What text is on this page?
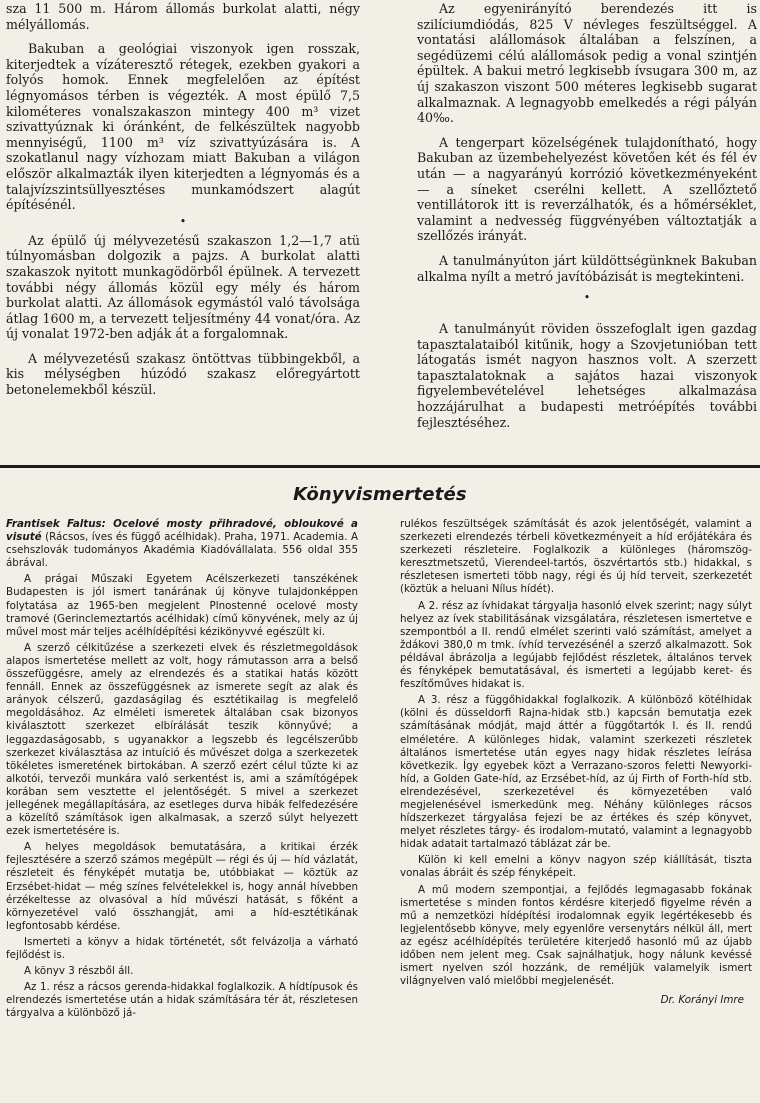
sza 11 500 m. Három állomás burkolat alatti, négy mélyállomás.

Bakuban a geológiai viszonyok igen rosszak, kiterjedtek a vízáteresztő rétegek, ezekben gyakori a folyós homok. Ennek megfelelően az építést légnyomásos térben is végezték. A most épülő 7,5 kilométeres vonalszakaszon mintegy 400 m³ vizet szivattyúznak ki óránként, de felkészültek nagyobb mennyiségű, 1100 m³ víz szivattyúzására is. A szokatlanul nagy vízhozam miatt Bakuban a világon először alkalmazták ilyen kiterjedten a légnyomás és a talajvízszintsüllyesztéses munkamódszert alagút építésénél.

•

Az épülő új mélyvezetésű szakaszon 1,2—1,7 atü túlnyomásban dolgozik a pajzs. A burkolat alatti szakaszok nyitott munkagödörből épülnek. A tervezett további négy állomás közül egy mély és három burkolat alatti. Az állomások egymástól való távolsága átlag 1600 m, a tervezett teljesítmény 44 vonat/óra. Az új vonalat 1972-ben adják át a forgalomnak.

A mélyvezetésű szakasz öntöttvas tübbingekből, a kis mélységben húzódó szakasz előregyártott betonelemekből készül.

Az egyenirányító berendezés itt is szilíciumdiódás, 825 V névleges feszültséggel. A vontatási alállomások általában a felszínen, a segédüzemi célú alállomások pedig a vonal szintjén épültek. A bakui metró legkisebb ívsugara 300 m, az új szakaszon viszont 500 méteres legkisebb sugarat alkalmaznak. A legnagyobb emelkedés a régi pályán 40‰.

A tengerpart közelségének tulajdonítható, hogy Bakuban az üzembehelyezést követően két és fél év után — a nagyarányú korrózió következményeként — a síneket cserélni kellett. A szellőztető ventillátorok itt is reverzálhatók, és a hőmérséklet, valamint a nedvesség függvényében változtatják a szellőzés irányát.

A tanulmányúton járt küldöttségünknek Bakuban alkalma nyílt a metró javítóbázisát is megtekinteni.

•

A tanulmányút röviden összefoglalt igen gazdag tapasztalataiból kitűnik, hogy a Szovjetunióban tett látogatás ismét nagyon hasznos volt. A szerzett tapasztalatoknak a sajátos hazai viszonyok figyelembevételével lehetséges alkalmazása hozzájárulhat a budapesti metróépítés további fejlesztéséhez.

Könyvismertetés

Frantisek Faltus: Ocelové mosty přihradové, obloukové a visuté (Rácsos, íves és függő acélhidak). Praha, 1971. Academia. A csehszlovák tudományos Akadémia Kiadóvállalata. 556 oldal 355 ábrával.

A prágai Műszaki Egyetem Acélszerkezeti tanszékének Budapesten is jól ismert tanárának új könyve tulajdonképpen folytatása az 1965-ben megjelent Plnostenné ocelové mosty tramové (Gerinclemeztartós acélhidak) című könyvének, mely az új művel most már teljes acélhídépítési kézikönyvvé egészült ki.

A szerző célkitűzése a szerkezeti elvek és részletmegoldások alapos ismertetése mellett az volt, hogy rámutasson arra a belső összefüggésre, amely az elrendezés és a statikai hatás között fennáll. Ennek az összefüggésnek az ismerete segít az alak és arányok célszerű, gazdaságilag és esztétikailag is megfelelő megoldásához. Az elméleti ismeretek általában csak bizonyos kiválasztott szerkezet elbírálását teszik könnyűvé; a leggazdaságosabb, s ugyanakkor a legszebb és legcélszerűbb szerkezet kiválasztása az intuíció és művészet dolga a szerkezetek tökéletes ismeretének birtokában. A szerző ezért célul tűzte ki az alkotói, tervezői munkára való serkentést is, ami a számítógépek korában sem vesztette el jelentőségét. S mivel a szerkezet jellegének megállapítására, az esetleges durva hibák felfedezésére a közelítő számítások igen alkalmasak, a szerző súlyt helyezett ezek ismertetésére is.

A helyes megoldások bemutatására, a kritikai érzék fejlesztésére a szerző számos megépült — régi és új — híd vázlatát, részleteit és fényképét mutatja be, utóbbiakat — köztük az Erzsébet-hidat — még színes felvételekkel is, hogy annál hívebben érzékeltesse az olvasóval a híd művészi hatását, s főként a környezetével való összhangját, ami a híd-esztétikának legfontosabb kérdése.

Ismerteti a könyv a hidak történetét, sőt felvázolja a várható fejlődést is.

A könyv 3 részből áll.

Az 1. rész a rácsos gerenda-hidakkal foglalkozik. A hídtípusok és elrendezés ismertetése után a hidak számítására tér át, részletesen tárgyalva a különböző já-

rulékos feszültségek számítását és azok jelentőségét, valamint a szerkezeti elrendezés térbeli következményeit a híd erőjátékára és szerkezeti részleteire. Foglalkozik a különleges (háromszög-keresztmetszetű, Vierendeel-tartós, öszvértartós stb.) hidakkal, s részletesen ismerteti több nagy, régi és új híd terveit, szerkezetét (köztük a heluani Nílus hídét).

A 2. rész az ívhidakat tárgyalja hasonló elvek szerint; nagy súlyt helyez az ívek stabilitásának vizsgálatára, részletesen ismertetve e szempontból a II. rendű elmélet szerinti való számítást, amelyet a ždákovi 380,0 m tmk. ívhíd tervezésénél a szerző alkalmazott. Sok példával ábrázolja a legújabb fejlődést részletek, általános tervek és fényképek bemutatásával, és ismerteti a legújabb keret- és feszítőműves hidakat is.

A 3. rész a függőhidakkal foglalkozik. A különböző kötélhidak (kölni és düsseldorfi Rajna-hidak stb.) kapcsán bemutatja ezek számításának módját, majd áttér a függőtartók I. és II. rendű elméletére. A különleges hidak, valamint szerkezeti részletek általános ismertetése után egyes nagy hidak részletes leírása következik. Így egyebek közt a Verrazano-szoros feletti Newyorki-híd, a Golden Gate-híd, az Erzsébet-híd, az új Firth of Forth-híd stb. elrendezésével, szerkezetével és környezetében való megjelenésével ismerkedünk meg. Néhány különleges rácsos hídszerkezet tárgyalása fejezi be az értékes és szép könyvet, melyet részletes tárgy- és irodalom-mutató, valamint a legnagyobb hidak adatait tartalmazó táblázat zár be.

Külön ki kell emelni a könyv nagyon szép kiállítását, tiszta vonalas ábráit és szép fényképeit.

A mű modern szempontjai, a fejlődés legmagasabb fokának ismertetése s minden fontos kérdésre kiterjedő figyelme révén a mű a nemzetközi hídépítési irodalomnak egyik legértékesebb és legjelentősebb könyve, mely egyenlőre versenytárs nélkül áll, mert az egész acélhídépítés területére kiterjedő hasonló mű az újabb időben nem jelent meg. Csak sajnálhatjuk, hogy nálunk kevéssé ismert nyelven szól hozzánk, de reméljük valamelyik ismert világnyelven való mielőbbi megjelenését.

Dr. Korányi Imre
